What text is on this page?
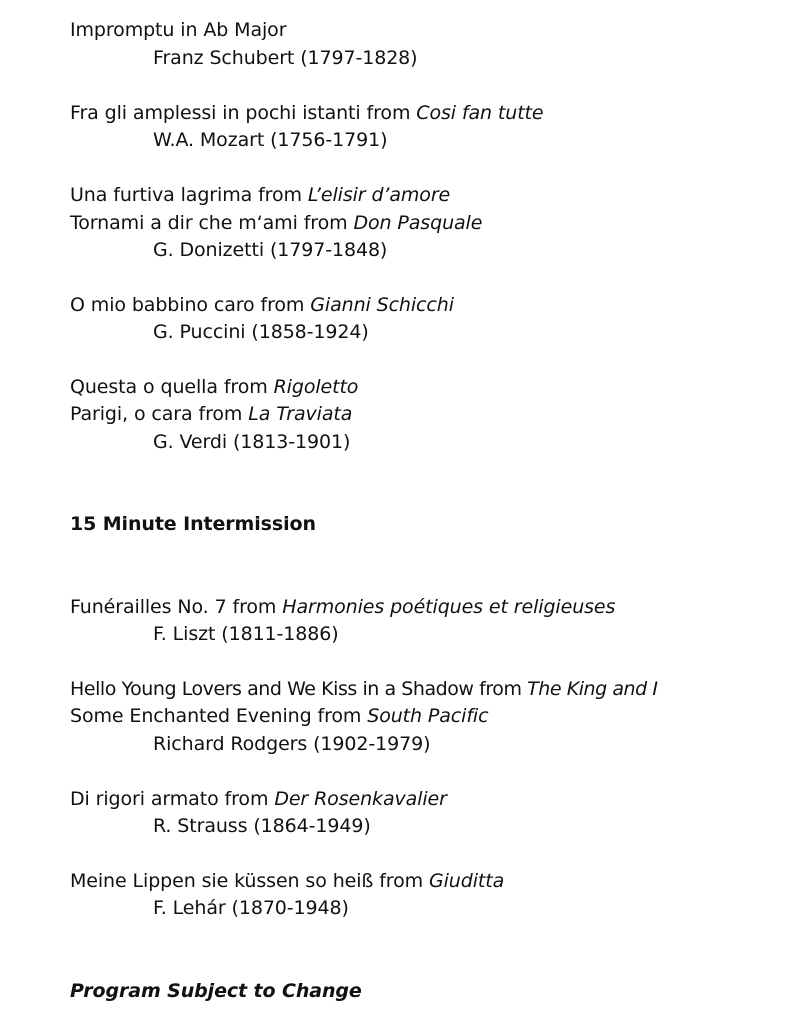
Impromptu in Ab Major
Franz Schubert (1797-1828)
Fra gli amplessi in pochi istanti from Cosi fan tutte
W.A. Mozart (1756-1791)
Una furtiva lagrima from L’elisir d’amore
Tornami a dir che m‘ami from Don Pasquale
G. Donizetti (1797-1848)
O mio babbino caro from Gianni Schicchi
G. Puccini (1858-1924)
Questa o quella from Rigoletto
Parigi, o cara from La Traviata
G. Verdi (1813-1901)
15 Minute Intermission
Funérailles No. 7 from Harmonies poétiques et religieuses
F. Liszt (1811-1886)
Hello Young Lovers and We Kiss in a Shadow from The King and I
Some Enchanted Evening from South Pacific
Richard Rodgers (1902-1979)
Di rigori armato from Der Rosenkavalier
R. Strauss (1864-1949)
Meine Lippen sie küssen so heiß from Giuditta
F. Lehár (1870-1948)
Program Subject to Change
